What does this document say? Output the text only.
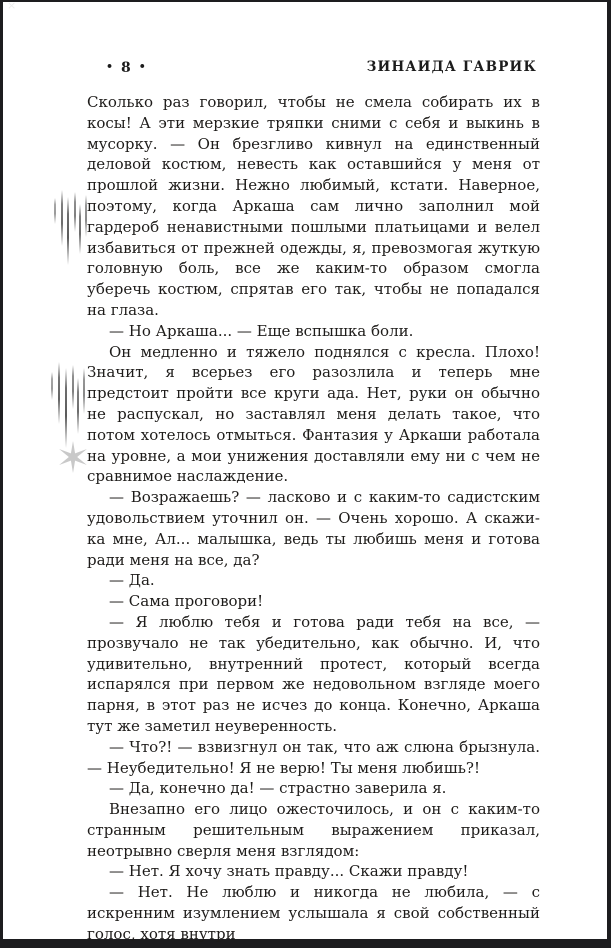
×
• 8 •	ЗИНАИДА ГАВРИК

Сколько раз говорил, чтобы не смела собирать их в косы! А эти мерзкие тряпки сними с себя и выкинь в мусорку. — Он брезгливо кивнул на единственный деловой костюм, невесть как оставшийся у меня от прошлой жизни. Нежно любимый, кстати. Наверное, поэтому, когда Аркаша сам лично заполнил мой гардероб ненавистными пошлыми платьицами и велел избавиться от прежней одежды, я, превозмогая жуткую головную боль, все же каким-то образом смогла уберечь костюм, спрятав его так, чтобы не попадался на глаза.

— Но Аркаша... — Еще вспышка боли.

Он медленно и тяжело поднялся с кресла. Плохо! Значит, я всерьез его разозлила и теперь мне предстоит пройти все круги ада. Нет, руки он обычно не распускал, но заставлял меня делать такое, что потом хотелось отмыться. Фантазия у Аркаши работала на уровне, а мои унижения доставляли ему ни с чем не сравнимое наслаждение.

— Возражаешь? — ласково и с каким-то садистским удовольствием уточнил он. — Очень хорошо. А скажи-ка мне, Ал... малышка, ведь ты любишь меня и готова ради меня на все, да?

— Да.

— Сама проговори!

— Я люблю тебя и готова ради тебя на все, — прозвучало не так убедительно, как обычно. И, что удивительно, внутренний протест, который всегда испарялся при первом же недовольном взгляде моего парня, в этот раз не исчез до конца. Конечно, Аркаша тут же заметил неуверенность.

— Что?! — взвизгнул он так, что аж слюна брызнула. — Неубедительно! Я не верю! Ты меня любишь?!

— Да, конечно да! — страстно заверила я.

Внезапно его лицо ожесточилось, и он с каким-то странным решительным выражением приказал, неотрывно сверля меня взглядом:

— Нет. Я хочу знать правду... Скажи правду!

— Нет. Не люблю и никогда не любила, — с искренним изумлением услышала я свой собственный голос, хотя внутри
